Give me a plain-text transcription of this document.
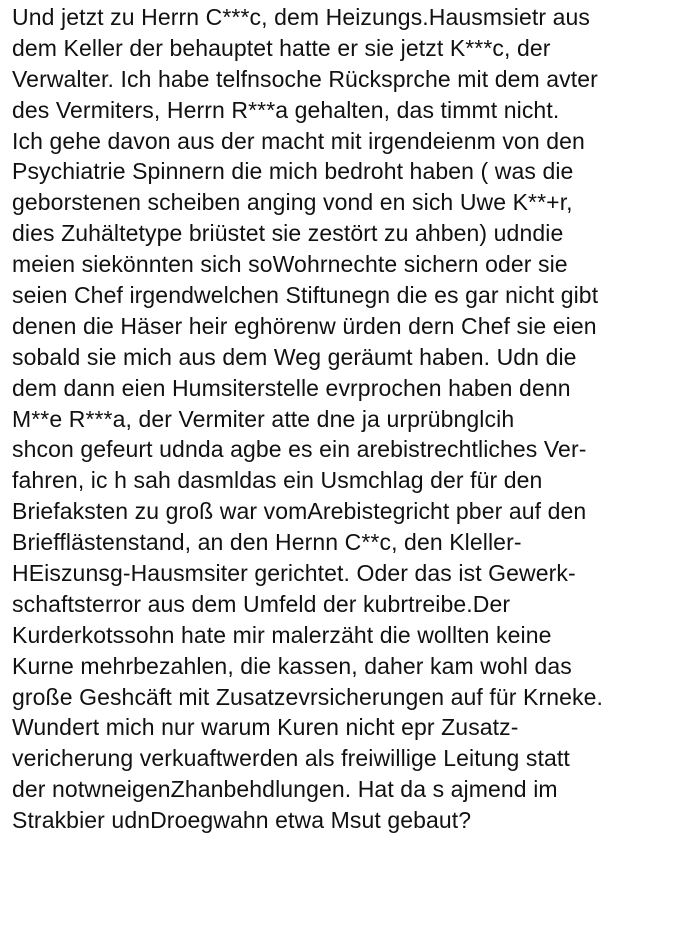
Und jetzt zu Herrn C***c, dem Heizungs.Hausmsietr aus
dem Keller der behauptet hatte er sie jetzt K***c, der
Verwalter. Ich habe telfnsoche Rücksprche mit dem avter
des Vermiters, Herrn R***a gehalten, das timmt nicht.
Ich gehe davon aus der macht mit irgendeienm von den
Psychiatrie Spinnern die mich bedroht haben ( was die
geborstenen scheiben anging vond en sich Uwe K**+r,
dies Zuhältetype briüstet sie zestört zu ahben) udndie
meien siekönnten sich soWohrnechte sichern oder sie
seien Chef irgendwelchen Stiftunegn die es gar nicht gibt
denen die Häser heir eghörenw ürden dern Chef sie eien
sobald sie mich aus dem Weg geräumt haben. Udn die
dem dann eien Humsiterstelle evrprochen haben denn
M**e R***a, der Vermiter atte dne ja urprübnglcih
shcon gefeurt udnda agbe es ein arebistrechtliches Ver-
fahren, ic h sah dasmldas ein Usmchlag der für den
Briefaksten zu groß war vomArebistegricht pber auf den
Briefflästenstand, an den Hernn C**c, den Kleller-
HEiszunsg-Hausmsiter gerichtet. Oder das ist Gewerk-
schaftsterror aus dem Umfeld der kubrtreibe.Der
Kurderkotssohn hate mir malerzäht die wollten keine
Kurne mehrbezahlen, die kassen, daher kam wohl das
große Geshcäft mit Zusatzevrsicherungen auf für Krneke.
Wundert mich nur warum Kuren nicht epr Zusatz-
vericherung verkuaftwerden als freiwillige Leitung statt
der notwneigenZhanbehdlungen. Hat da s ajmend im
Strakbier udnDroegwahn etwa Msut gebaut?
